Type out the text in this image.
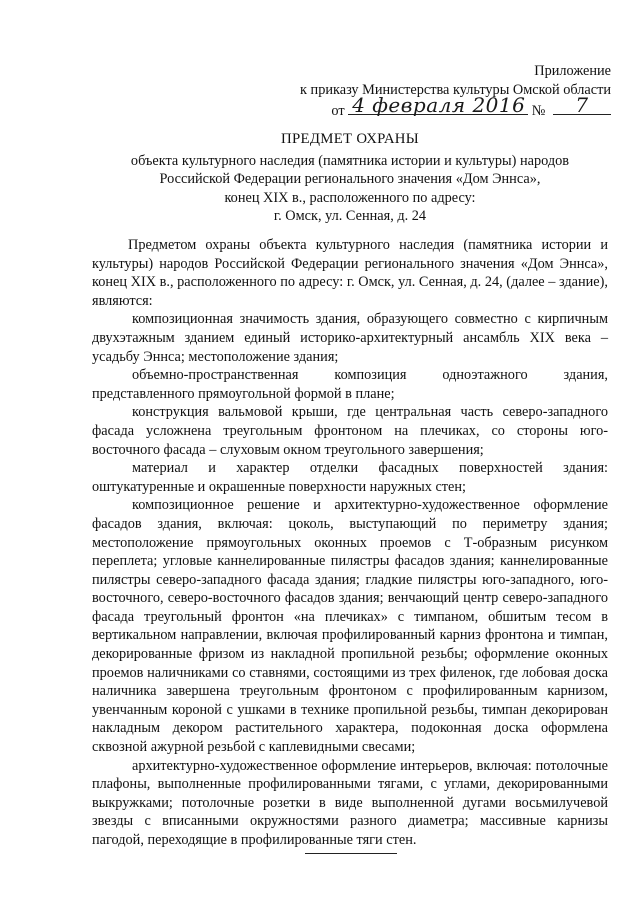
Приложение
к приказу Министерства культуры Омской области
от 4 февраля 2016 № 7
ПРЕДМЕТ ОХРАНЫ
объекта культурного наследия (памятника истории и культуры) народов
Российской Федерации регионального значения «Дом Эннса»,
конец XIX в., расположенного по адресу:
г. Омск, ул. Сенная, д. 24

Предметом охраны объекта культурного наследия (памятника истории и культуры) народов Российской Федерации регионального значения «Дом Эннса», конец XIX в., расположенного по адресу: г. Омск, ул. Сенная, д. 24, (далее – здание), являются:

композиционная значимость здания, образующего совместно с кирпичным двухэтажным зданием единый историко-архитектурный ансамбль XIX века – усадьбу Эннса; местоположение здания;

объемно-пространственная композиция одноэтажного здания, представленного прямоугольной формой в плане;

конструкция вальмовой крыши, где центральная часть северо-западного фасада усложнена треугольным фронтоном на плечиках, со стороны юго-восточного фасада – слуховым окном треугольного завершения;

материал и характер отделки фасадных поверхностей здания: оштукатуренные и окрашенные поверхности наружных стен;

композиционное решение и архитектурно-художественное оформление фасадов здания, включая: цоколь, выступающий по периметру здания; местоположение прямоугольных оконных проемов с Т-образным рисунком переплета; угловые каннелированные пилястры фасадов здания; каннелированные пилястры северо-западного фасада здания; гладкие пилястры юго-западного, юго-восточного, северо-восточного фасадов здания; венчающий центр северо-западного фасада треугольный фронтон «на плечиках» с тимпаном, обшитым тесом в вертикальном направлении, включая профилированный карниз фронтона и тимпан, декорированные фризом из накладной пропильной резьбы; оформление оконных проемов наличниками со ставнями, состоящими из трех филенок, где лобовая доска наличника завершена треугольным фронтоном с профилированным карнизом, увенчанным короной с ушками в технике пропильной резьбы, тимпан декорирован накладным декором растительного характера, подоконная доска оформлена сквозной ажурной резьбой с каплевидными свесами;

архитектурно-художественное оформление интерьеров, включая: потолочные плафоны, выполненные профилированными тягами, с углами, декорированными выкружками; потолочные розетки в виде выполненной дугами восьмилучевой звезды с вписанными окружностями разного диаметра; массивные карнизы пагодой, переходящие в профилированные тяги стен.
